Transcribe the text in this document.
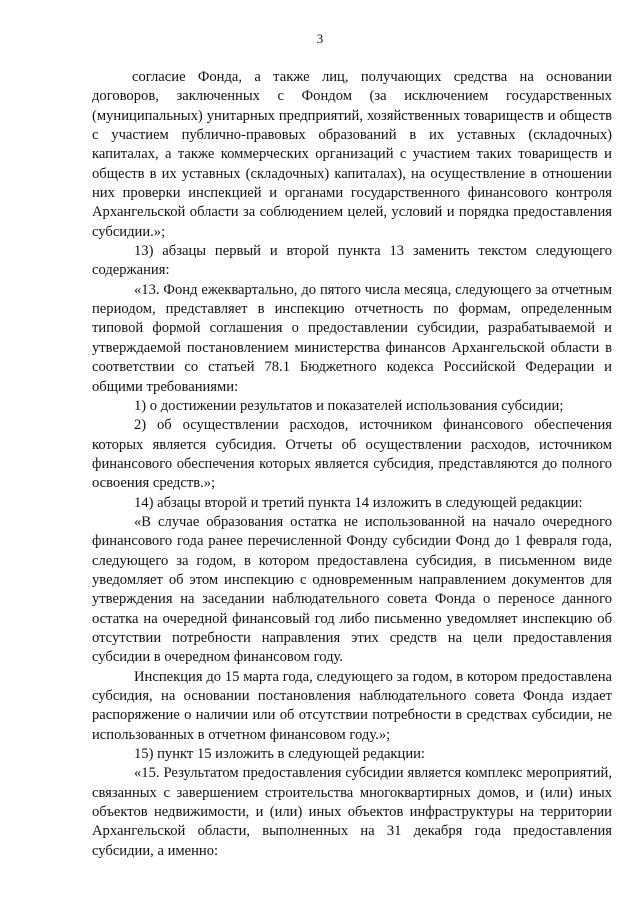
3

согласие Фонда, а также лиц, получающих средства на основании договоров, заключенных с Фондом (за исключением государственных (муниципальных) унитарных предприятий, хозяйственных товариществ и обществ с участием публично-правовых образований в их уставных (складочных) капиталах, а также коммерческих организаций с участием таких товариществ и обществ в их уставных (складочных) капиталах), на осуществление в отношении них проверки инспекцией и органами государственного финансового контроля Архангельской области за соблюдением целей, условий и порядка предоставления субсидии.»;

13) абзацы первый и второй пункта 13 заменить текстом следующего содержания:

«13. Фонд ежеквартально, до пятого числа месяца, следующего за отчетным периодом, представляет в инспекцию отчетность по формам, определенным типовой формой соглашения о предоставлении субсидии, разрабатываемой и утверждаемой постановлением министерства финансов Архангельской области в соответствии со статьей 78.1 Бюджетного кодекса Российской Федерации и общими требованиями:

1) о достижении результатов и показателей использования субсидии;

2) об осуществлении расходов, источником финансового обеспечения которых является субсидия. Отчеты об осуществлении расходов, источником финансового обеспечения которых является субсидия, представляются до полного освоения средств.»;

14) абзацы второй и третий пункта 14 изложить в следующей редакции:

«В случае образования остатка не использованной на начало очередного финансового года ранее перечисленной Фонду субсидии Фонд до 1 февраля года, следующего за годом, в котором предоставлена субсидия, в письменном виде уведомляет об этом инспекцию с одновременным направлением документов для утверждения на заседании наблюдательного совета Фонда о переносе данного остатка на очередной финансовый год либо письменно уведомляет инспекцию об отсутствии потребности направления этих средств на цели предоставления субсидии в очередном финансовом году.

Инспекция до 15 марта года, следующего за годом, в котором предоставлена субсидия, на основании постановления наблюдательного совета Фонда издает распоряжение о наличии или об отсутствии потребности в средствах субсидии, не использованных в отчетном финансовом году.»;

15) пункт 15 изложить в следующей редакции:

«15. Результатом предоставления субсидии является комплекс мероприятий, связанных с завершением строительства многоквартирных домов, и (или) иных объектов недвижимости, и (или) иных объектов инфраструктуры на территории Архангельской области, выполненных на 31 декабря года предоставления субсидии, а именно:
